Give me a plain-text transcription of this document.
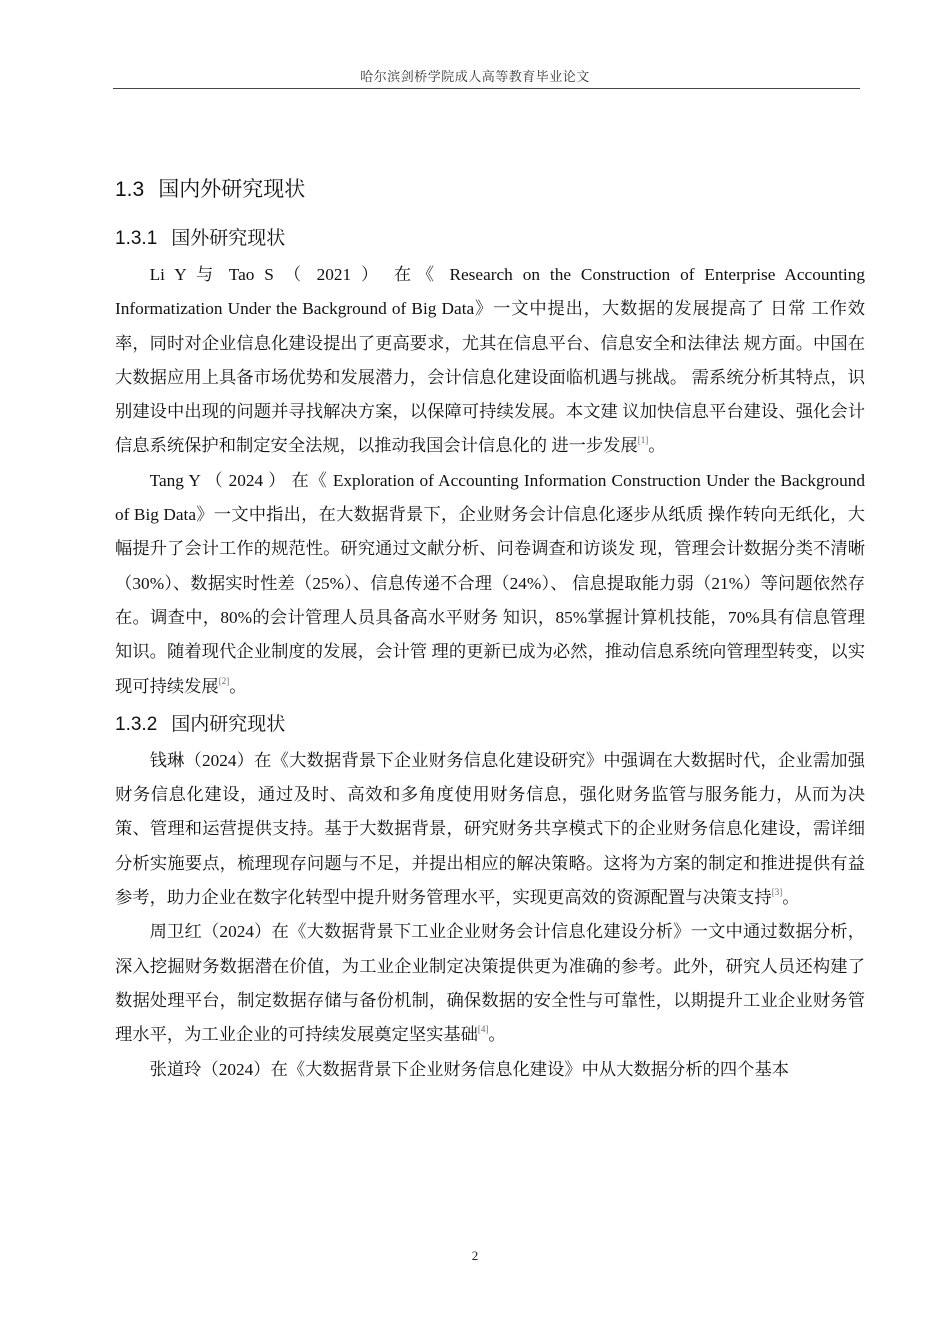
哈尔滨剑桥学院成人高等教育毕业论文
1.3 国内外研究现状
1.3.1 国外研究现状

Li Y 与 Tao S （ 2021 ） 在《 Research on the Construction of Enterprise Accounting Informatization Under the Background of Big Data》一文中提出，大数据的发展提高了 日常 工作效率，同时对企业信息化建设提出了更高要求，尤其在信息平台、信息安全和法律法 规方面。中国在大数据应用上具备市场优势和发展潜力，会计信息化建设面临机遇与挑战。 需系统分析其特点，识别建设中出现的问题并寻找解决方案，以保障可持续发展。本文建 议加快信息平台建设、强化会计信息系统保护和制定安全法规，以推动我国会计信息化的 进一步发展[1]。

Tang Y （ 2024 ） 在《 Exploration of Accounting Information Construction Under the Background of Big Data》一文中指出，在大数据背景下，企业财务会计信息化逐步从纸质 操作转向无纸化，大幅提升了会计工作的规范性。研究通过文献分析、问卷调查和访谈发 现，管理会计数据分类不清晰（30%）、数据实时性差（25%）、信息传递不合理（24%）、 信息提取能力弱（21%）等问题依然存在。调查中，80%的会计管理人员具备高水平财务 知识，85%掌握计算机技能，70%具有信息管理知识。随着现代企业制度的发展，会计管 理的更新已成为必然，推动信息系统向管理型转变，以实现可持续发展[2]。

1.3.2 国内研究现状

钱琳（2024）在《大数据背景下企业财务信息化建设研究》中强调在大数据时代，企业需加强财务信息化建设，通过及时、高效和多角度使用财务信息，强化财务监管与服务能力，从而为决策、管理和运营提供支持。基于大数据背景，研究财务共享模式下的企业财务信息化建设，需详细分析实施要点，梳理现存问题与不足，并提出相应的解决策略。这将为方案的制定和推进提供有益参考，助力企业在数字化转型中提升财务管理水平，实现更高效的资源配置与决策支持[3]。

周卫红（2024）在《大数据背景下工业企业财务会计信息化建设分析》一文中通过数据分析，深入挖掘财务数据潜在价值，为工业企业制定决策提供更为准确的参考。此外，研究人员还构建了数据处理平台，制定数据存储与备份机制，确保数据的安全性与可靠性，以期提升工业企业财务管理水平，为工业企业的可持续发展奠定坚实基础[4]。

张道玲（2024）在《大数据背景下企业财务信息化建设》中从大数据分析的四个基本

2
